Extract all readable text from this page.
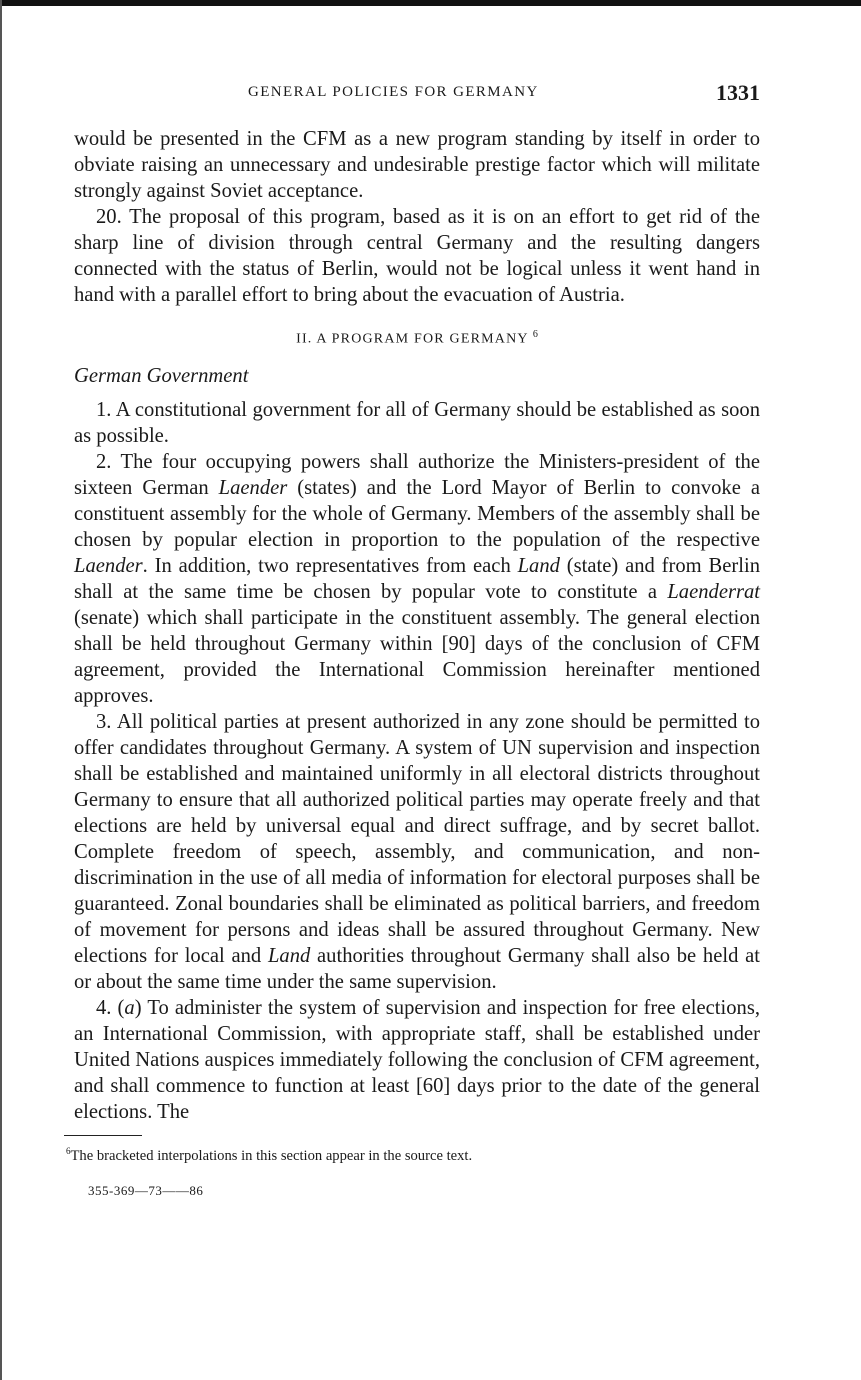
GENERAL POLICIES FOR GERMANY	1331

would be presented in the CFM as a new program standing by itself in order to obviate raising an unnecessary and undesirable prestige factor which will militate strongly against Soviet acceptance.

20. The proposal of this program, based as it is on an effort to get rid of the sharp line of division through central Germany and the resulting dangers connected with the status of Berlin, would not be logical unless it went hand in hand with a parallel effort to bring about the evacuation of Austria.

II. A PROGRAM FOR GERMANY $^6$
German Government

1. A constitutional government for all of Germany should be established as soon as possible.

2. The four occupying powers shall authorize the Ministers-president of the sixteen German Laender (states) and the Lord Mayor of Berlin to convoke a constituent assembly for the whole of Germany. Members of the assembly shall be chosen by popular election in proportion to the population of the respective Laender. In addition, two representatives from each Land (state) and from Berlin shall at the same time be chosen by popular vote to constitute a Laenderrat (senate) which shall participate in the constituent assembly. The general election shall be held throughout Germany within [90] days of the conclusion of CFM agreement, provided the International Commission hereinafter mentioned approves.

3. All political parties at present authorized in any zone should be permitted to offer candidates throughout Germany. A system of UN supervision and inspection shall be established and maintained uniformly in all electoral districts throughout Germany to ensure that all authorized political parties may operate freely and that elections are held by universal equal and direct suffrage, and by secret ballot. Complete freedom of speech, assembly, and communication, and non-discrimination in the use of all media of information for electoral purposes shall be guaranteed. Zonal boundaries shall be eliminated as political barriers, and freedom of movement for persons and ideas shall be assured throughout Germany. New elections for local and Land authorities throughout Germany shall also be held at or about the same time under the same supervision.

4. (a) To administer the system of supervision and inspection for free elections, an International Commission, with appropriate staff, shall be established under United Nations auspices immediately following the conclusion of CFM agreement, and shall commence to function at least [60] days prior to the date of the general elections. The

$^6$The bracketed interpolations in this section appear in the source text.
355-369—73——86
